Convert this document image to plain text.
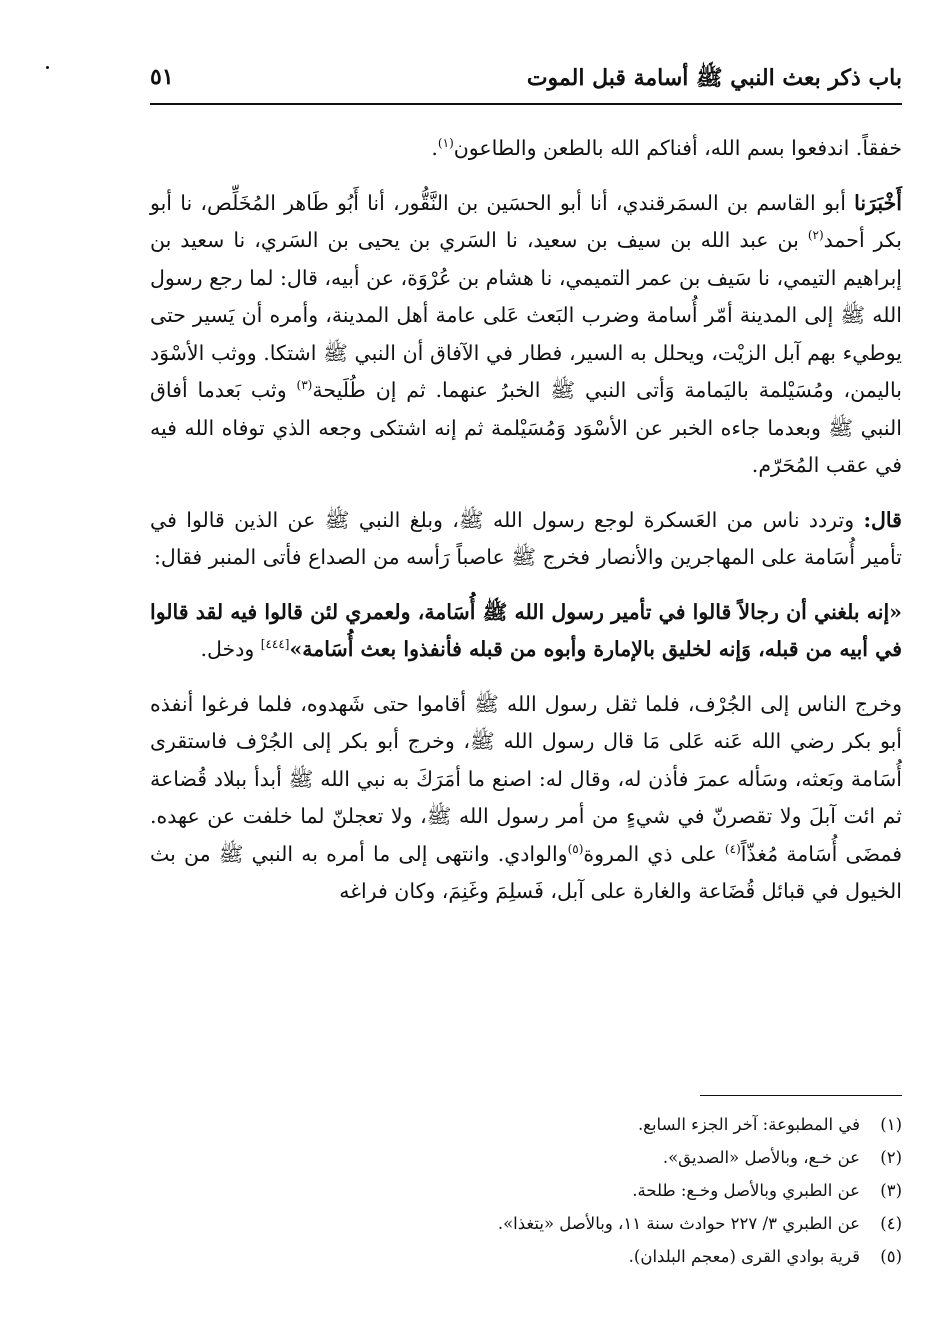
باب ذكر بعث النبي ﷺ أسامة قبل الموت
٥١

خفقاً. اندفعوا بسم الله، أفناكم الله بالطعن والطاعون$^{(١)}$.

أَخْبَرَنا أبو القاسم بن السمَرقندي، أنا أبو الحسَين بن النَّقُّور، أنا أَبُو طَاهر المُخَلِّص، نا أبو بكر أحمد$^{(٢)}$ بن عبد الله بن سيف بن سعيد، نا السَري بن يحيى بن السَري، نا سعيد بن إبراهيم التيمي، نا سَيف بن عمر التميمي، نا هشام بن عُرْوَة، عن أبيه، قال: لما رجع رسول الله ﷺ إلى المدينة أمّر أُسامة وضرب البَعث عَلى عامة أهل المدينة، وأمره أن يَسير حتى يوطيء بهم آبل الزيْت، ويحلل به السير، فطار في الآفاق أن النبي ﷺ اشتكا. ووثب الأسْوَد باليمن، ومُسَيْلمة باليَمامة وَأتى النبي ﷺ الخبرُ عنهما. ثم إن طُلَيحة$^{(٣)}$ وثب بَعدما أفاق النبي ﷺ وبعدما جاءه الخبر عن الأسْوَد وَمُسَيْلمة ثم إنه اشتكى وجعه الذي توفاه الله فيه في عقب المُحَرّم.

قال: وتردد ناس من العَسكرة لوجع رسول الله ﷺ، وبلغ النبي ﷺ عن الذين قالوا في تأمير أُسَامة على المهاجرين والأنصار فخرج ﷺ عاصباً رَأسه من الصداع فأتى المنبر فقال:

«إنه بلغني أن رجالاً قالوا في تأمير رسول الله ﷺ أُسَامة، ولعمري لئن قالوا فيه لقد قالوا في أبيه من قبله، وَإنه لخليق بالإمارة وأبوه من قبله فأنفذوا بعث أُسَامة»[٤٤٤] ودخل.

وخرج الناس إلى الجُرْف، فلما ثقل رسول الله ﷺ أقاموا حتى شَهدوه، فلما فرغوا أنفذه أبو بكر رضي الله عَنه عَلى مَا قال رسول الله ﷺ، وخرج أبو بكر إلى الجُرْف فاستقرى أُسَامة وبَعثه، وسَأله عمرَ فأذن له، وقال له: اصنع ما أمَرَكَ به نبي الله ﷺ أبدأ ببلاد قُضاعة ثم ائت آبلَ ولا تقصرنّ في شيءٍ من أمر رسول الله ﷺ، ولا تعجلنّ لما خلفت عن عهده. فمضَى أُسَامة مُغذّاً$^{(٤)}$ على ذي المروة$^{(٥)}$والوادي. وانتهى إلى ما أمره به النبي ﷺ من بث الخيول في قبائل قُضَاعة والغارة على آبل، فَسلِمَ وغَنِمَ، وكان فراغه

(١)
في المطبوعة: آخر الجزء السابع.
(٢)
عن خـع، وبالأصل «الصديق».
(٣)
عن الطبري وبالأصل وخـع: طلحة.
(٤)
عن الطبري ٣/ ٢٢٧ حوادث سنة ١١، وبالأصل «يتغذا».
(٥)
قرية بوادي القرى (معجم البلدان).
